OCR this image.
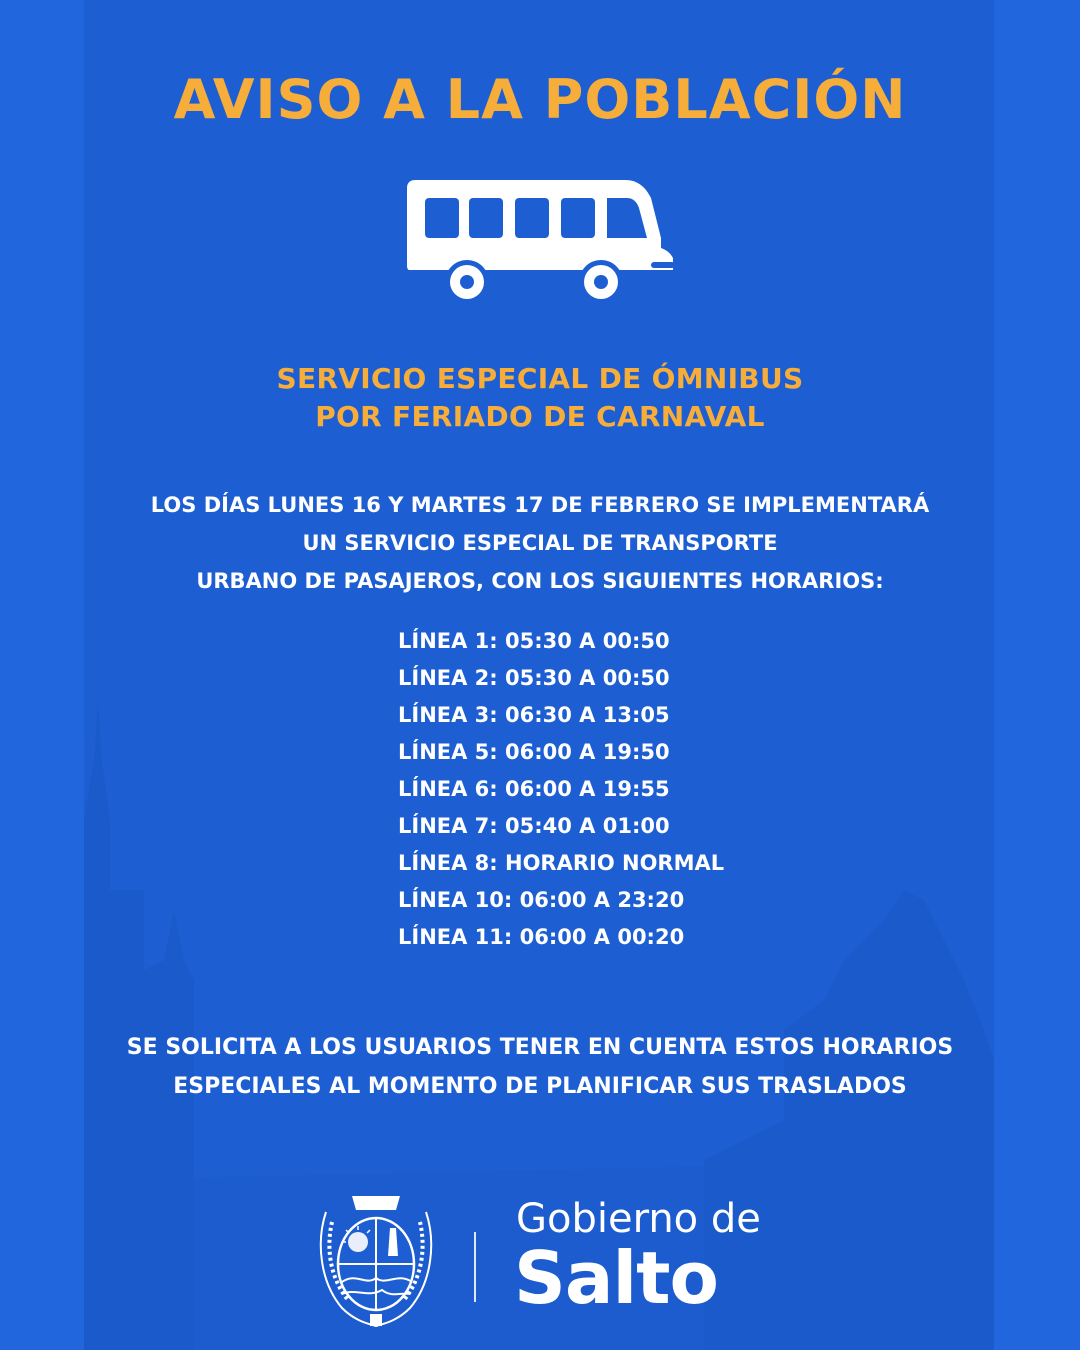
AVISO A LA POBLACIÓN
SERVICIO ESPECIAL DE ÓMNIBUS
POR FERIADO DE CARNAVAL
LOS DÍAS LUNES 16 Y MARTES 17 DE FEBRERO SE IMPLEMENTARÁ
UN SERVICIO ESPECIAL DE TRANSPORTE
URBANO DE PASAJEROS, CON LOS SIGUIENTES HORARIOS:
LÍNEA 1: 05:30 A 00:50
LÍNEA 2: 05:30 A 00:50
LÍNEA 3: 06:30 A 13:05
LÍNEA 5: 06:00 A 19:50
LÍNEA 6: 06:00 A 19:55
LÍNEA 7: 05:40 A 01:00
LÍNEA 8: HORARIO NORMAL
LÍNEA 10: 06:00 A 23:20
LÍNEA 11: 06:00 A 00:20
SE SOLICITA A LOS USUARIOS TENER EN CUENTA ESTOS HORARIOS
ESPECIALES AL MOMENTO DE PLANIFICAR SUS TRASLADOS
Gobierno de
Salto
